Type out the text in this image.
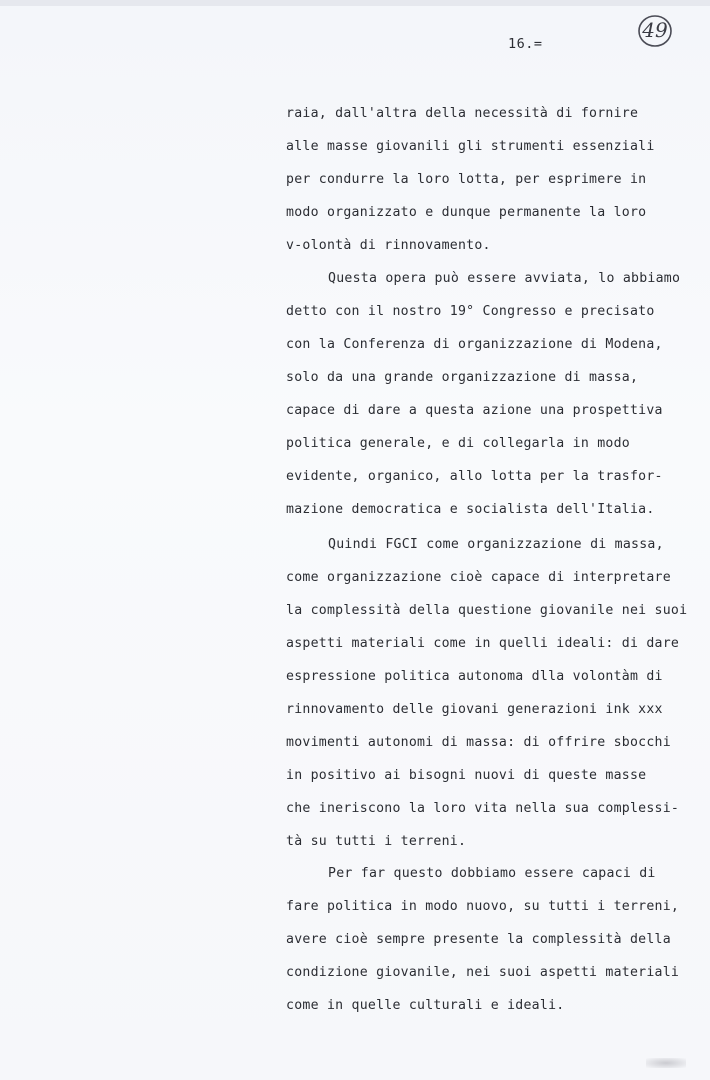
16.=
49
raia, dall'altra della necessità di fornire
alle masse giovanili gli strumenti essenziali
per condurre la loro lotta, per esprimere in
modo organizzato e dunque permanente la loro
v-olontà di rinnovamento.
Questa opera può essere avviata, lo abbiamo
detto con il nostro 19° Congresso e precisato
con la Conferenza di organizzazione di Modena,
solo da una grande organizzazione di massa,
capace di dare a questa azione una prospettiva
politica generale, e di collegarla in modo
evidente, organico, allo lotta per la trasfor-
mazione democratica e socialista dell'Italia.
Quindi FGCI come organizzazione di massa,
come organizzazione cioè capace di interpretare
la complessità della questione giovanile nei suoi
aspetti materiali come in quelli ideali: di dare
espressione politica autonoma dlla volontàm di
rinnovamento delle giovani generazioni ink xxx
movimenti autonomi di massa: di offrire sbocchi
in positivo ai bisogni nuovi di queste masse
che ineriscono la loro vita nella sua complessi-
tà su tutti i terreni.
Per far questo dobbiamo essere capaci di
fare politica in modo nuovo, su tutti i terreni,
avere cioè sempre presente la complessità della
condizione giovanile, nei suoi aspetti materiali
come in quelle culturali e ideali.
